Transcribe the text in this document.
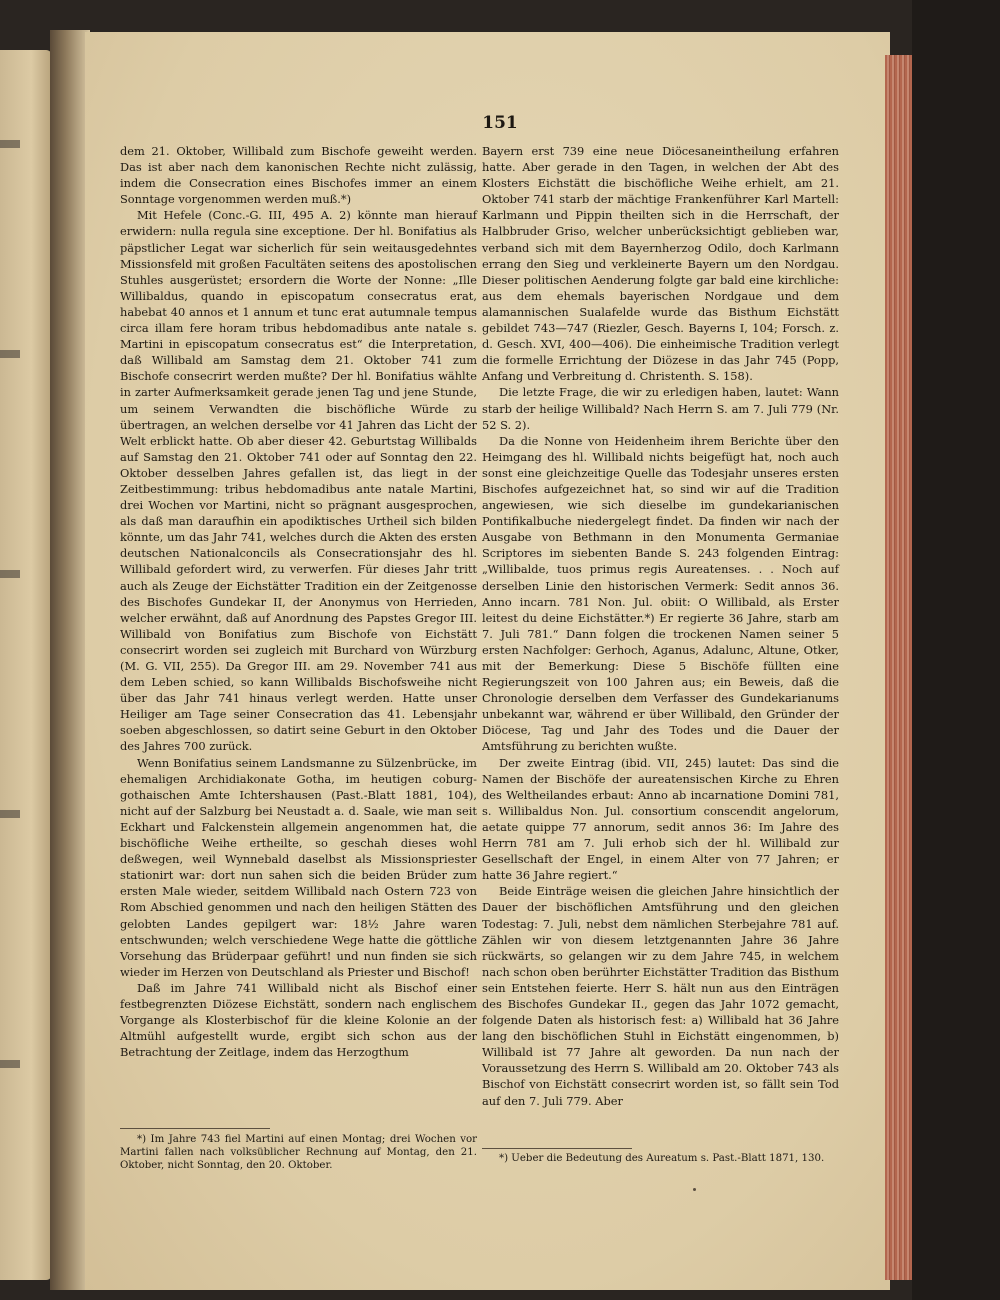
151

dem 21. Oktober, Willibald zum Bischofe geweiht werden. Das ist aber nach dem kanonischen Rechte nicht zulässig, indem die Consecration eines Bischofes immer an einem Sonntage vorgenommen werden muß.*)

Mit Hefele (Conc.-G. III, 495 A. 2) könnte man hierauf erwidern: nulla regula sine exceptione. Der hl. Bonifatius als päpstlicher Legat war sicherlich für sein weitausgedehntes Missionsfeld mit großen Facultäten seitens des apostolischen Stuhles ausgerüstet; ersordern die Worte der Nonne: „Ille Willibaldus, quando in episcopatum consecratus erat, habebat 40 annos et 1 annum et tunc erat autumnale tempus circa illam fere horam tribus hebdomadibus ante natale s. Martini in episcopatum consecratus est“ die Interpretation, daß Willibald am Samstag dem 21. Oktober 741 zum Bischofe consecrirt werden mußte? Der hl. Bonifatius wählte in zarter Aufmerksamkeit gerade jenen Tag und jene Stunde, um seinem Verwandten die bischöfliche Würde zu übertragen, an welchen derselbe vor 41 Jahren das Licht der Welt erblickt hatte. Ob aber dieser 42. Geburtstag Willibalds auf Samstag den 21. Oktober 741 oder auf Sonntag den 22. Oktober desselben Jahres gefallen ist, das liegt in der Zeitbestimmung: tribus hebdomadibus ante natale Martini, drei Wochen vor Martini, nicht so prägnant ausgesprochen, als daß man daraufhin ein apodiktisches Urtheil sich bilden könnte, um das Jahr 741, welches durch die Akten des ersten deutschen Nationalconcils als Consecrationsjahr des hl. Willibald gefordert wird, zu verwerfen. Für dieses Jahr tritt auch als Zeuge der Eichstätter Tradition ein der Zeitgenosse des Bischofes Gundekar II, der Anonymus von Herrieden, welcher erwähnt, daß auf Anordnung des Papstes Gregor III. Willibald von Bonifatius zum Bischofe von Eichstätt consecrirt worden sei zugleich mit Burchard von Würzburg (M. G. VII, 255). Da Gregor III. am 29. November 741 aus dem Leben schied, so kann Willibalds Bischofsweihe nicht über das Jahr 741 hinaus verlegt werden. Hatte unser Heiliger am Tage seiner Consecration das 41. Lebensjahr soeben abgeschlossen, so datirt seine Geburt in den Oktober des Jahres 700 zurück.

Wenn Bonifatius seinem Landsmanne zu Sülzenbrücke, im ehemaligen Archidiakonate Gotha, im heutigen coburg-gothaischen Amte Ichtershausen (Past.-Blatt 1881, 104), nicht auf der Salzburg bei Neustadt a. d. Saale, wie man seit Eckhart und Falckenstein allgemein angenommen hat, die bischöfliche Weihe ertheilte, so geschah dieses wohl deßwegen, weil Wynnebald daselbst als Missionspriester stationirt war: dort nun sahen sich die beiden Brüder zum ersten Male wieder, seitdem Willibald nach Ostern 723 von Rom Abschied genommen und nach den heiligen Stätten des gelobten Landes gepilgert war: 18½ Jahre waren entschwunden; welch verschiedene Wege hatte die göttliche Vorsehung das Brüderpaar geführt! und nun finden sie sich wieder im Herzen von Deutschland als Priester und Bischof!

Daß im Jahre 741 Willibald nicht als Bischof einer festbegrenzten Diözese Eichstätt, sondern nach englischem Vorgange als Klosterbischof für die kleine Kolonie an der Altmühl aufgestellt wurde, ergibt sich schon aus der Betrachtung der Zeitlage, indem das Herzogthum

*) Im Jahre 743 fiel Martini auf einen Montag; drei Wochen vor Martini fallen nach volksüblicher Rechnung auf Montag, den 21. Oktober, nicht Sonntag, den 20. Oktober.

Bayern erst 739 eine neue Diöcesaneintheilung erfahren hatte. Aber gerade in den Tagen, in welchen der Abt des Klosters Eichstätt die bischöfliche Weihe erhielt, am 21. Oktober 741 starb der mächtige Frankenführer Karl Martell: Karlmann und Pippin theilten sich in die Herrschaft, der Halbbruder Griso, welcher unberücksichtigt geblieben war, verband sich mit dem Bayernherzog Odilo, doch Karlmann errang den Sieg und verkleinerte Bayern um den Nordgau. Dieser politischen Aenderung folgte gar bald eine kirchliche: aus dem ehemals bayerischen Nordgaue und dem alamannischen Sualafelde wurde das Bisthum Eichstätt gebildet 743—747 (Riezler, Gesch. Bayerns I, 104; Forsch. z. d. Gesch. XVI, 400—406). Die einheimische Tradition verlegt die formelle Errichtung der Diözese in das Jahr 745 (Popp, Anfang und Verbreitung d. Christenth. S. 158).

Die letzte Frage, die wir zu erledigen haben, lautet: Wann starb der heilige Willibald? Nach Herrn S. am 7. Juli 779 (Nr. 52 S. 2).

Da die Nonne von Heidenheim ihrem Berichte über den Heimgang des hl. Willibald nichts beigefügt hat, noch auch sonst eine gleichzeitige Quelle das Todesjahr unseres ersten Bischofes aufgezeichnet hat, so sind wir auf die Tradition angewiesen, wie sich dieselbe im gundekarianischen Pontifikalbuche niedergelegt findet. Da finden wir nach der Ausgabe von Bethmann in den Monumenta Germaniae Scriptores im siebenten Bande S. 243 folgenden Eintrag: „Willibalde, tuos primus regis Aureatenses. . . Noch auf derselben Linie den historischen Vermerk: Sedit annos 36. Anno incarn. 781 Non. Jul. obiit: O Willibald, als Erster leitest du deine Eichstätter.*) Er regierte 36 Jahre, starb am 7. Juli 781.“ Dann folgen die trockenen Namen seiner 5 ersten Nachfolger: Gerhoch, Aganus, Adalunc, Altune, Otker, mit der Bemerkung: Diese 5 Bischöfe füllten eine Regierungszeit von 100 Jahren aus; ein Beweis, daß die Chronologie derselben dem Verfasser des Gundekarianums unbekannt war, während er über Willibald, den Gründer der Diöcese, Tag und Jahr des Todes und die Dauer der Amtsführung zu berichten wußte.

Der zweite Eintrag (ibid. VII, 245) lautet: Das sind die Namen der Bischöfe der aureatensischen Kirche zu Ehren des Weltheilandes erbaut: Anno ab incarnatione Domini 781, s. Willibaldus Non. Jul. consortium conscendit angelorum, aetate quippe 77 annorum, sedit annos 36: Im Jahre des Herrn 781 am 7. Juli erhob sich der hl. Willibald zur Gesellschaft der Engel, in einem Alter von 77 Jahren; er hatte 36 Jahre regiert.“

Beide Einträge weisen die gleichen Jahre hinsichtlich der Dauer der bischöflichen Amtsführung und den gleichen Todestag: 7. Juli, nebst dem nämlichen Sterbejahre 781 auf. Zählen wir von diesem letztgenannten Jahre 36 Jahre rückwärts, so gelangen wir zu dem Jahre 745, in welchem nach schon oben berührter Eichstätter Tradition das Bisthum sein Entstehen feierte. Herr S. hält nun aus den Einträgen des Bischofes Gundekar II., gegen das Jahr 1072 gemacht, folgende Daten als historisch fest: a) Willibald hat 36 Jahre lang den bischöflichen Stuhl in Eichstätt eingenommen, b) Willibald ist 77 Jahre alt geworden. Da nun nach der Voraussetzung des Herrn S. Willibald am 20. Oktober 743 als Bischof von Eichstätt consecrirt worden ist, so fällt sein Tod auf den 7. Juli 779. Aber

*) Ueber die Bedeutung des Aureatum s. Past.-Blatt 1871, 130.
